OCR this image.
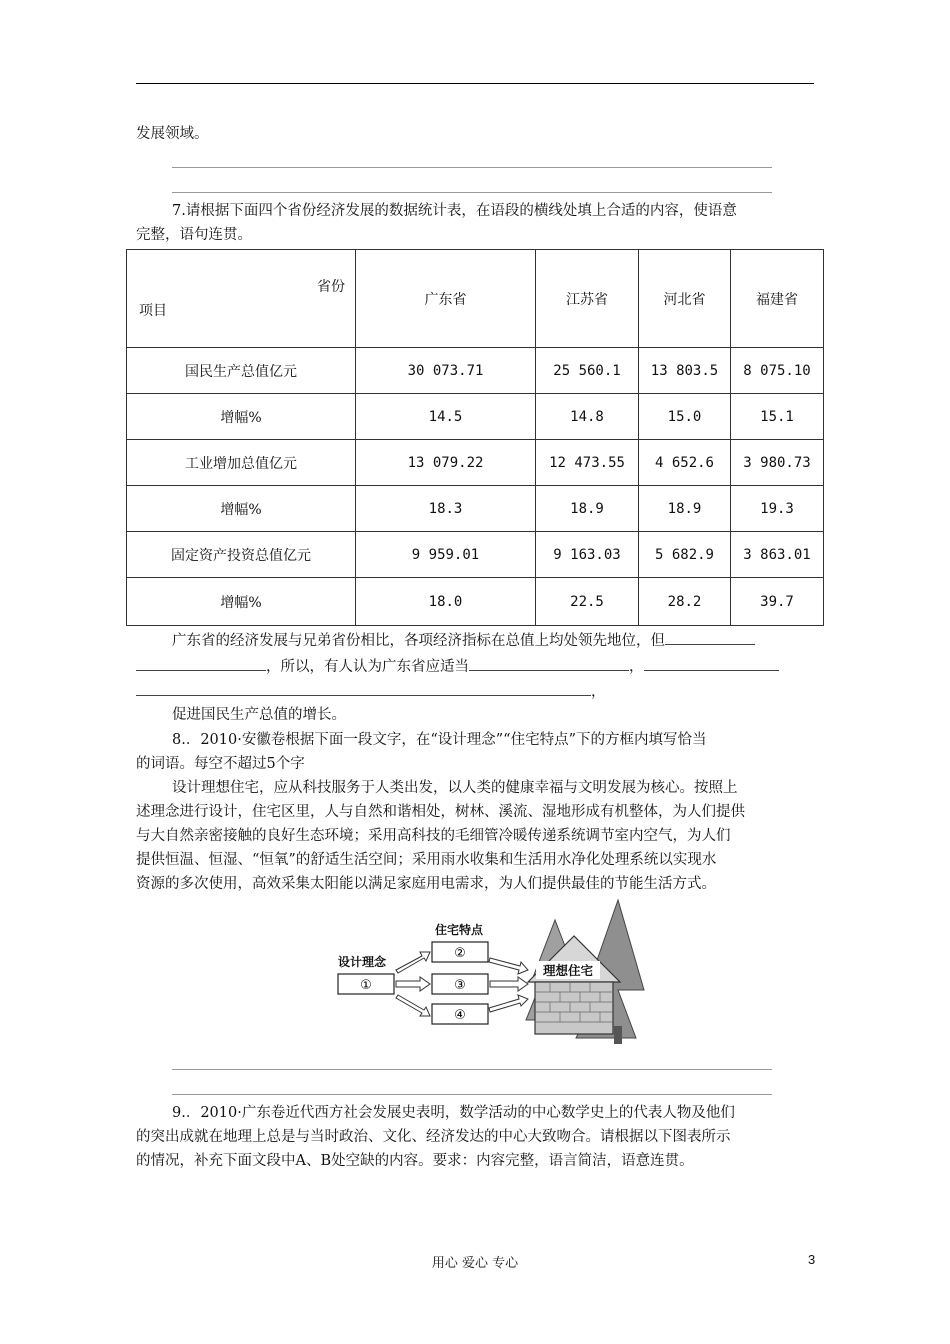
发展领域。
7.请根据下面四个省份经济发展的数据统计表，在语段的横线处填上合适的内容，使语意
完整，语句连贯。
省份
项目	广东省	江苏省	河北省	福建省
国民生产总值亿元	30 073.71	25 560.1	13 803.5	8 075.10
增幅%	14.5	14.8	15.0	15.1
工业增加总值亿元	13 079.22	12 473.55	4 652.6	3 980.73
增幅%	18.3	18.9	18.9	19.3
固定资产投资总值亿元	9 959.01	9 163.03	5 682.9	3 863.01
增幅%	18.0	22.5	28.2	39.7
广东省的经济发展与兄弟省份相比，各项经济指标在总值上均处领先地位，但
，所以，有人认为广东省应适当	，
，
促进国民生产总值的增长。
8.．2010·安徽卷根据下面一段文字，在“设计理念”“住宅特点”下的方框内填写恰当
的词语。每空不超过5个字
设计理想住宅，应从科技服务于人类出发，以人类的健康幸福与文明发展为核心。按照上
述理念进行设计，住宅区里，人与自然和谐相处，树林、溪流、湿地形成有机整体，为人们提供
与大自然亲密接触的良好生态环境；采用高科技的毛细管冷暖传递系统调节室内空气，为人们
提供恒温、恒湿、“恒氧”的舒适生活空间；采用雨水收集和生活用水净化处理系统以实现水
资源的多次使用，高效采集太阳能以满足家庭用电需求，为人们提供最佳的节能生活方式。
理想住宅
设计理念
住宅特点
①
②
③
④
9.．2010·广东卷近代西方社会发展史表明，数学活动的中心数学史上的代表人物及他们
的突出成就在地理上总是与当时政治、文化、经济发达的中心大致吻合。请根据以下图表所示
的情况，补充下面文段中A、B处空缺的内容。要求：内容完整，语言简洁，语意连贯。
用心 爱心 专心	3
